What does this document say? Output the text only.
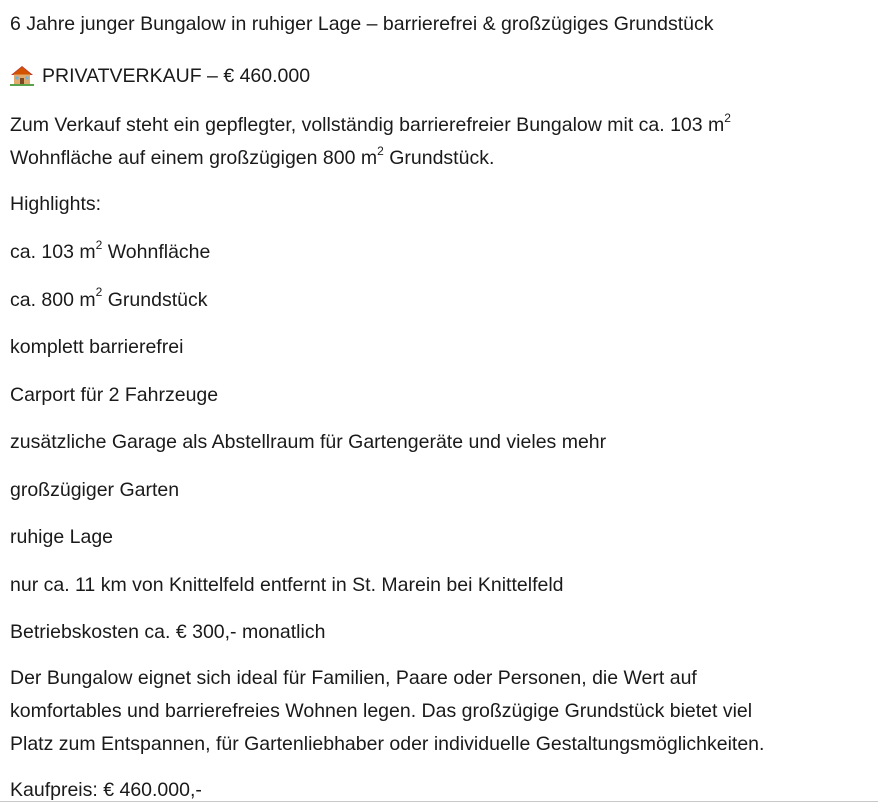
6 Jahre junger Bungalow in ruhiger Lage – barrierefrei & großzügiges Grundstück
PRIVATVERKAUF – € 460.000
Zum Verkauf steht ein gepflegter, vollständig barrierefreier Bungalow mit ca. 103 $m^2$
Wohnfläche auf einem großzügigen 800 $m^2$ Grundstück.
Highlights:
ca. 103 $m^2$ Wohnfläche
ca. 800 $m^2$ Grundstück
komplett barrierefrei
Carport für 2 Fahrzeuge
zusätzliche Garage als Abstellraum für Gartengeräte und vieles mehr
großzügiger Garten
ruhige Lage
nur ca. 11 km von Knittelfeld entfernt in St. Marein bei Knittelfeld
Betriebskosten ca. € 300,- monatlich
Der Bungalow eignet sich ideal für Familien, Paare oder Personen, die Wert auf
komfortables und barrierefreies Wohnen legen. Das großzügige Grundstück bietet viel
Platz zum Entspannen, für Gartenliebhaber oder individuelle Gestaltungsmöglichkeiten.
Kaufpreis: € 460.000,-
